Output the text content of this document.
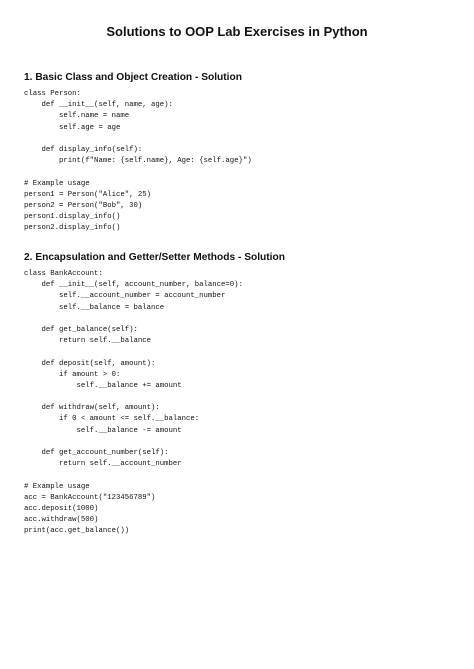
Solutions to OOP Lab Exercises in Python
1. Basic Class and Object Creation - Solution
class Person:
def __init__(self, name, age):
self.name = name
self.age = age
def display_info(self):
print(f"Name: {self.name}, Age: {self.age}")
# Example usage
person1 = Person("Alice", 25)
person2 = Person("Bob", 30)
person1.display_info()
person2.display_info()
2. Encapsulation and Getter/Setter Methods - Solution
class BankAccount:
def __init__(self, account_number, balance=0):
self.__account_number = account_number
self.__balance = balance
def get_balance(self):
return self.__balance
def deposit(self, amount):
if amount > 0:
self.__balance += amount
def withdraw(self, amount):
if 0 < amount <= self.__balance:
self.__balance -= amount
def get_account_number(self):
return self.__account_number
# Example usage
acc = BankAccount("123456789")
acc.deposit(1000)
acc.withdraw(500)
print(acc.get_balance())
